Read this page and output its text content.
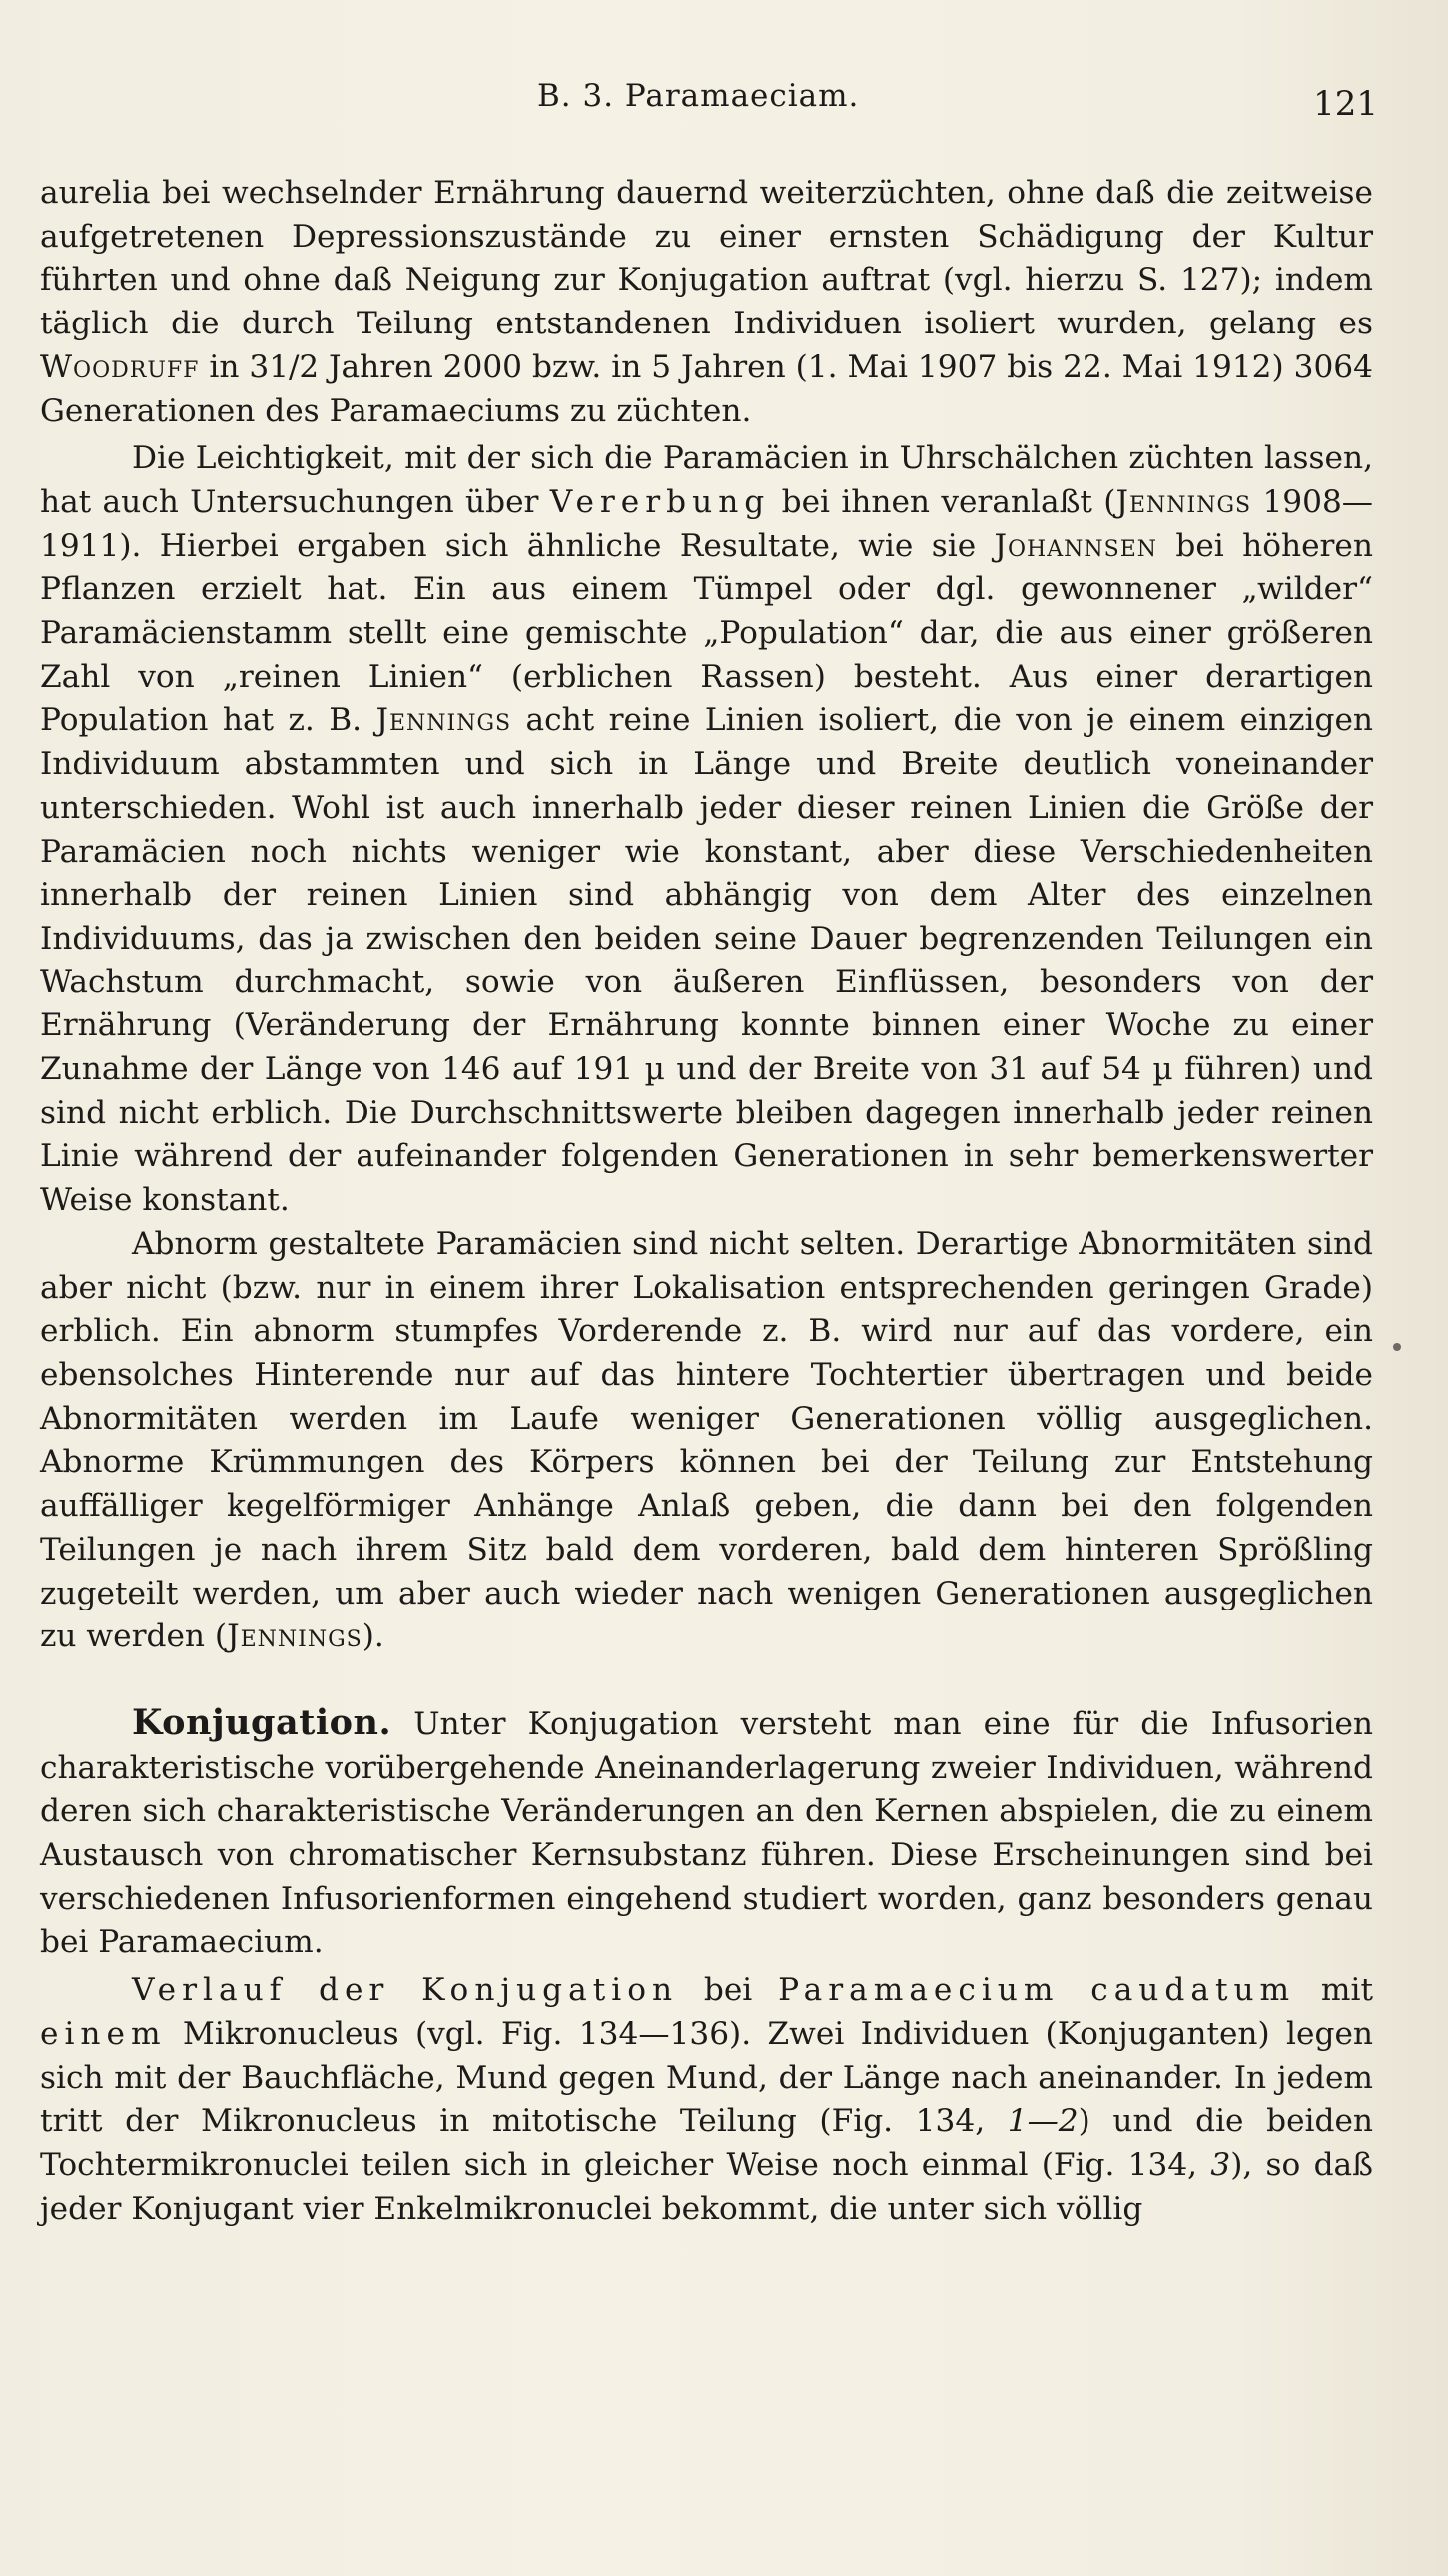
B. 3. Paramaeciam.	121

aurelia bei wechselnder Ernährung dauernd weiterzüchten, ohne daß die zeitweise aufgetretenen Depressionszustände zu einer ernsten Schädigung der Kultur führten und ohne daß Neigung zur Konjugation auftrat (vgl. hierzu S. 127); indem täglich die durch Teilung entstandenen Individuen isoliert wurden, gelang es Woodruff in 31/2 Jahren 2000 bzw. in 5 Jahren (1. Mai 1907 bis 22. Mai 1912) 3064 Generationen des Paramaeciums zu züchten.

Die Leichtigkeit, mit der sich die Paramäcien in Uhrschälchen züchten lassen, hat auch Untersuchungen über Vererbung bei ihnen veranlaßt (Jennings 1908—1911). Hierbei ergaben sich ähnliche Resultate, wie sie Johannsen bei höheren Pflanzen erzielt hat. Ein aus einem Tümpel oder dgl. gewonnener „wilder“ Paramäcienstamm stellt eine gemischte „Population“ dar, die aus einer größeren Zahl von „reinen Linien“ (erblichen Rassen) besteht. Aus einer derartigen Population hat z. B. Jennings acht reine Linien isoliert, die von je einem einzigen Individuum abstammten und sich in Länge und Breite deutlich voneinander unterschieden. Wohl ist auch innerhalb jeder dieser reinen Linien die Größe der Paramäcien noch nichts weniger wie konstant, aber diese Verschiedenheiten innerhalb der reinen Linien sind abhängig von dem Alter des einzelnen Individuums, das ja zwischen den beiden seine Dauer begrenzenden Teilungen ein Wachstum durchmacht, sowie von äußeren Einflüssen, besonders von der Ernährung (Veränderung der Ernährung konnte binnen einer Woche zu einer Zunahme der Länge von 146 auf 191 µ und der Breite von 31 auf 54 µ führen) und sind nicht erblich. Die Durchschnittswerte bleiben dagegen innerhalb jeder reinen Linie während der aufeinander folgenden Generationen in sehr bemerkenswerter Weise konstant.

Abnorm gestaltete Paramäcien sind nicht selten. Derartige Abnormitäten sind aber nicht (bzw. nur in einem ihrer Lokalisation entsprechenden geringen Grade) erblich. Ein abnorm stumpfes Vorderende z. B. wird nur auf das vordere, ein ebensolches Hinterende nur auf das hintere Tochtertier übertragen und beide Abnormitäten werden im Laufe weniger Generationen völlig ausgeglichen. Abnorme Krümmungen des Körpers können bei der Teilung zur Entstehung auffälliger kegelförmiger Anhänge Anlaß geben, die dann bei den folgenden Teilungen je nach ihrem Sitz bald dem vorderen, bald dem hinteren Sprößling zugeteilt werden, um aber auch wieder nach wenigen Generationen ausgeglichen zu werden (Jennings).

Konjugation. Unter Konjugation versteht man eine für die Infusorien charakteristische vorübergehende Aneinanderlagerung zweier Individuen, während deren sich charakteristische Veränderungen an den Kernen abspielen, die zu einem Austausch von chromatischer Kernsubstanz führen. Diese Erscheinungen sind bei verschiedenen Infusorienformen eingehend studiert worden, ganz besonders genau bei Paramaecium.

Verlauf der Konjugation bei Paramaecium caudatum mit einem Mikronucleus (vgl. Fig. 134—136). Zwei Individuen (Konjuganten) legen sich mit der Bauchfläche, Mund gegen Mund, der Länge nach aneinander. In jedem tritt der Mikronucleus in mitotische Teilung (Fig. 134, 1—2) und die beiden Tochtermikronuclei teilen sich in gleicher Weise noch einmal (Fig. 134, 3), so daß jeder Konjugant vier Enkelmikronuclei bekommt, die unter sich völlig
